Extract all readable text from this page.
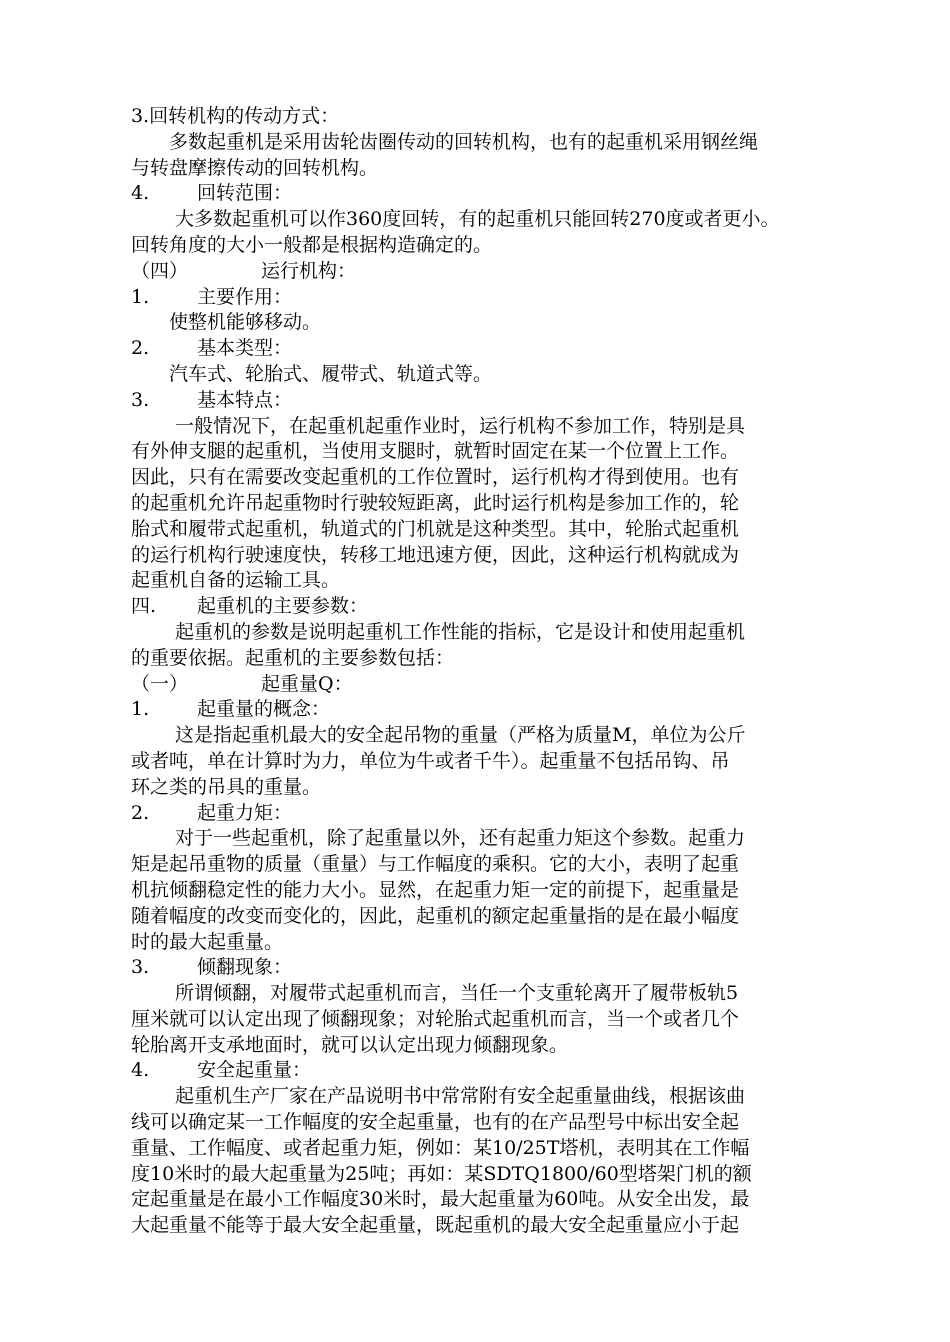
3.回转机构的传动方式：
多数起重机是采用齿轮齿圈传动的回转机构，也有的起重机采用钢丝绳
与转盘摩擦传动的回转机构。
4.	回转范围：
大多数起重机可以作360度回转，有的起重机只能回转270度或者更小。
回转角度的大小一般都是根据构造确定的。
（四）	运行机构：
1.	主要作用：
使整机能够移动。
2.	基本类型：
汽车式、轮胎式、履带式、轨道式等。
3.	基本特点：
一般情况下，在起重机起重作业时，运行机构不参加工作，特别是具
有外伸支腿的起重机，当使用支腿时，就暂时固定在某一个位置上工作。
因此，只有在需要改变起重机的工作位置时，运行机构才得到使用。也有
的起重机允许吊起重物时行驶较短距离，此时运行机构是参加工作的，轮
胎式和履带式起重机，轨道式的门机就是这种类型。其中，轮胎式起重机
的运行机构行驶速度快，转移工地迅速方便，因此，这种运行机构就成为
起重机自备的运输工具。
四. 起重机的主要参数：
起重机的参数是说明起重机工作性能的指标，它是设计和使用起重机
的重要依据。起重机的主要参数包括：
（一）	起重量Q：
1.	起重量的概念：
这是指起重机最大的安全起吊物的重量（严格为质量M，单位为公斤
或者吨，单在计算时为力，单位为牛或者千牛）。起重量不包括吊钩、吊
环之类的吊具的重量。
2.	起重力矩：
对于一些起重机，除了起重量以外，还有起重力矩这个参数。起重力
矩是起吊重物的质量（重量）与工作幅度的乘积。它的大小，表明了起重
机抗倾翻稳定性的能力大小。显然，在起重力矩一定的前提下，起重量是
随着幅度的改变而变化的，因此，起重机的额定起重量指的是在最小幅度
时的最大起重量。
3.	倾翻现象：
所谓倾翻，对履带式起重机而言，当任一个支重轮离开了履带板轨5
厘米就可以认定出现了倾翻现象；对轮胎式起重机而言，当一个或者几个
轮胎离开支承地面时，就可以认定出现力倾翻现象。
4.	安全起重量：
起重机生产厂家在产品说明书中常常附有安全起重量曲线，根据该曲
线可以确定某一工作幅度的安全起重量，也有的在产品型号中标出安全起
重量、工作幅度、或者起重力矩，例如：某10/25T塔机，表明其在工作幅
度10米时的最大起重量为25吨；再如：某SDTQ1800/60型塔架门机的额
定起重量是在最小工作幅度30米时，最大起重量为60吨。从安全出发，最
大起重量不能等于最大安全起重量，既起重机的最大安全起重量应小于起
